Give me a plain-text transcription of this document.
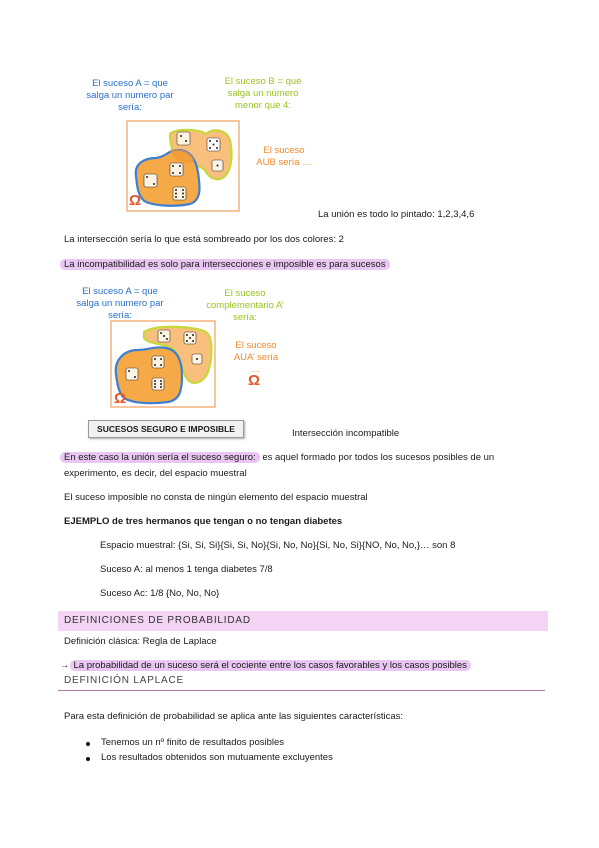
El suceso A = que salga un numero par sería:
El suceso B = que salga un número menor que 4:
El suceso AUB sería …
Ω
La unión es todo lo pintado: 1,2,3,4,6
La intersección sería lo que está sombreado por los dos colores: 2
La incompatibilidad es solo para intersecciones e imposible es para sucesos
El suceso A = que salga un numero par sería:
El suceso complementario A’ sería:
El suceso AUA’ sería …
Ω
Ω
SUCESOS SEGURO E IMPOSIBLE	Intersección incompatible
En este caso la unión sería el suceso seguro: es aquel formado por todos los sucesos posibles de un
experimento, es decir, del espacio muestral
El suceso imposible no consta de ningún elemento del espacio muestral
EJEMPLO de tres hermanos que tengan o no tengan diabetes
Espacio muestral: {Si, Si, Si}{Si, Si, No}{Si, No, No}{Si, No, Si}{NO, No, No,}… son 8
Suceso A: al menos 1 tenga diabetes 7/8
Suceso Ac: 1/8 {No, No, No}
DEFINICIONES DE PROBABILIDAD
Definición clásica: Regla de Laplace
→ La probabilidad de un suceso será el cociente entre los casos favorables y los casos posibles
DEFINICIÓN LAPLACE
Para esta definición de probabilidad se aplica ante las siguientes características:
Tenemos un nº finito de resultados posibles
Los resultados obtenidos son mutuamente excluyentes
